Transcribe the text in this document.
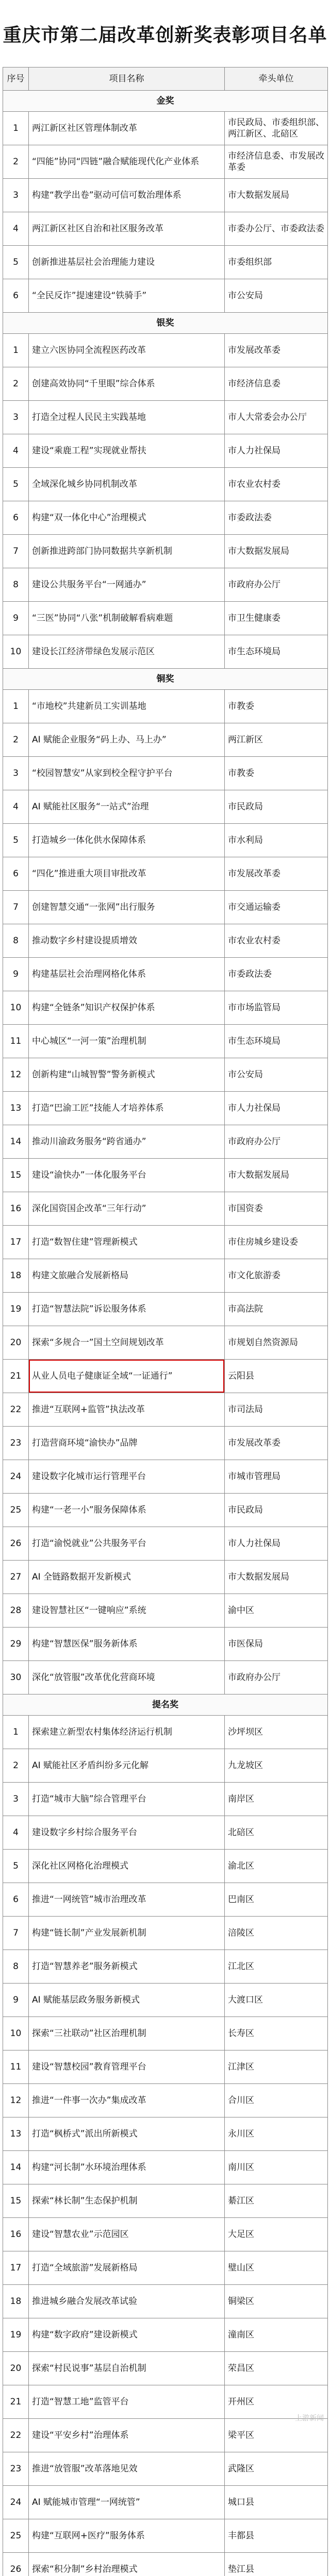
重庆市第二届改革创新奖表彰项目名单
序号	项目名称	牵头单位
金奖		
1	两江新区社区管理体制改革	市民政局、市委组织部、两江新区、北碚区
2	“四能”协同“四链”融合赋能现代化产业体系	市经济信息委、市发展改革委
3	构建“教学出卷”驱动可信可数治理体系	市大数据发展局
4	两江新区社区自治和社区服务改革	市委办公厅、市委政法委
5	创新推进基层社会治理能力建设	市委组织部
6	“全民反诈”提速建设“铁骑手”	市公安局
银奖		
1	建立六医协同全流程医药改革	市发展改革委
2	创建高效协同“千里眼”综合体系	市经济信息委
3	打造全过程人民民主实践基地	市人大常委会办公厅
4	建设“乘鹿工程”实现就业帮扶	市人力社保局
5	全域深化城乡协同机制改革	市农业农村委
6	构建“双一体化中心”治理模式	市委政法委
7	创新推进跨部门协同数据共享新机制	市大数据发展局
8	建设公共服务平台“一网通办”	市政府办公厅
9	“三医”协同“八张”机制破解看病难题	市卫生健康委
10	建设长江经济带绿色发展示范区	市生态环境局
铜奖		
1	“市地校”共建新员工实训基地	市教委
2	AI 赋能企业服务“码上办、马上办”	两江新区
3	“校园智慧安”从家到校全程守护平台	市教委
4	AI 赋能社区服务“一站式”治理	市民政局
5	打造城乡一体化供水保障体系	市水利局
6	“四化”推进重大项目审批改革	市发展改革委
7	创建智慧交通“一张网”出行服务	市交通运输委
8	推动数字乡村建设提质增效	市农业农村委
9	构建基层社会治理网格化体系	市委政法委
10	构建“全链条”知识产权保护体系	市市场监管局
11	中心城区“一河一策”治理机制	市生态环境局
12	创新构建“山城智警”警务新模式	市公安局
13	打造“巴渝工匠”技能人才培养体系	市人力社保局
14	推动川渝政务服务“跨省通办”	市政府办公厅
15	建设“渝快办”一体化服务平台	市大数据发展局
16	深化国资国企改革“三年行动”	市国资委
17	打造“数智住建”管理新模式	市住房城乡建设委
18	构建文旅融合发展新格局	市文化旅游委
19	打造“智慧法院”诉讼服务体系	市高法院
20	探索“多规合一”国土空间规划改革	市规划自然资源局
21	从业人员电子健康证全域“一证通行”	云阳县
22	推进“互联网+监管”执法改革	市司法局
23	打造营商环境“渝快办”品牌	市发展改革委
24	建设数字化城市运行管理平台	市城市管理局
25	构建“一老一小”服务保障体系	市民政局
26	打造“渝悦就业”公共服务平台	市人力社保局
27	AI 全链路数据开发新模式	市大数据发展局
28	建设智慧社区“一键响应”系统	渝中区
29	构建“智慧医保”服务新体系	市医保局
30	深化“放管服”改革优化营商环境	市政府办公厅
提名奖		
1	探索建立新型农村集体经济运行机制	沙坪坝区
2	AI 赋能社区矛盾纠纷多元化解	九龙坡区
3	打造“城市大脑”综合管理平台	南岸区
4	建设数字乡村综合服务平台	北碚区
5	深化社区网格化治理模式	渝北区
6	推进“一网统管”城市治理改革	巴南区
7	构建“链长制”产业发展新机制	涪陵区
8	打造“智慧养老”服务新模式	江北区
9	AI 赋能基层政务服务新模式	大渡口区
10	探索“三社联动”社区治理机制	长寿区
11	建设“智慧校园”教育管理平台	江津区
12	推进“一件事一次办”集成改革	合川区
13	打造“枫桥式”派出所新模式	永川区
14	构建“河长制”水环境治理体系	南川区
15	探索“林长制”生态保护机制	綦江区
16	建设“智慧农业”示范园区	大足区
17	打造“全域旅游”发展新格局	璧山区
18	推进城乡融合发展改革试验	铜梁区
19	构建“数字政府”建设新模式	潼南区
20	探索“村民说事”基层自治机制	荣昌区
21	打造“智慧工地”监管平台	开州区
22	建设“平安乡村”治理体系	梁平区
23	推进“放管服”改革落地见效	武隆区
24	AI 赋能城市管理“一网统管”	城口县
25	构建“互联网+医疗”服务体系	丰都县
26	探索“积分制”乡村治理模式	垫江县

上游新闻
